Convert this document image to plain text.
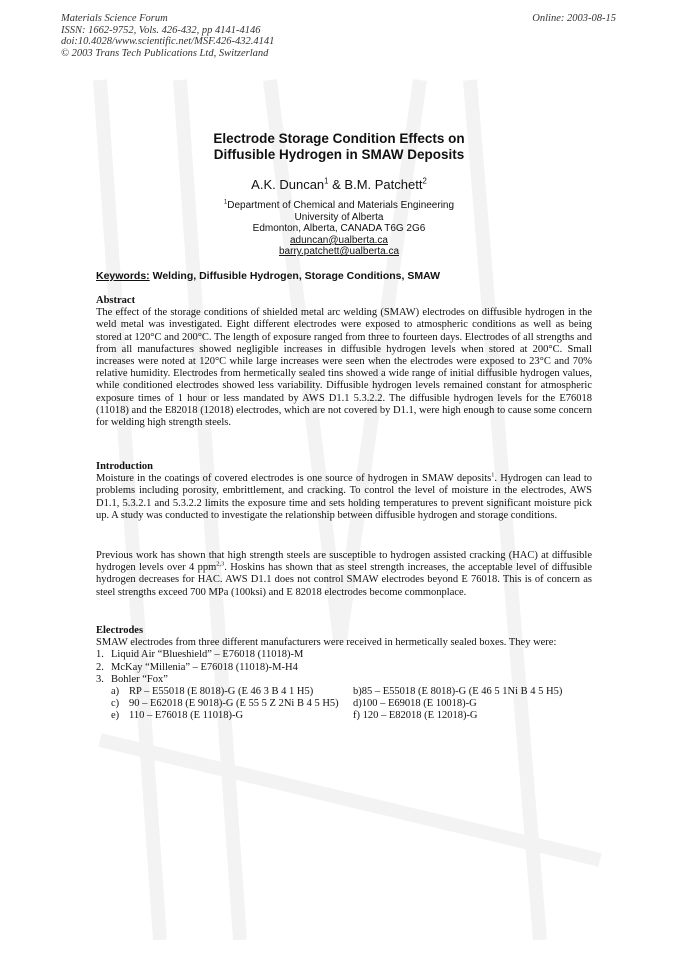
Materials Science Forum
ISSN: 1662-9752, Vols. 426-432, pp 4141-4146
doi:10.4028/www.scientific.net/MSF.426-432.4141
© 2003 Trans Tech Publications Ltd, Switzerland
Online: 2003-08-15
Electrode Storage Condition Effects on
Diffusible Hydrogen in SMAW Deposits
A.K. Duncan$^1$ & B.M. Patchett$^2$
$^1$Department of Chemical and Materials Engineering
University of Alberta
Edmonton, Alberta, CANADA T6G 2G6
aduncan@ualberta.ca
barry.patchett@ualberta.ca
Keywords: Welding, Diffusible Hydrogen, Storage Conditions, SMAW
Abstract

The effect of the storage conditions of shielded metal arc welding (SMAW) electrodes on diffusible hydrogen in the weld metal was investigated. Eight different electrodes were exposed to atmospheric conditions as well as being stored at 120°C and 200°C. The length of exposure ranged from three to fourteen days. Electrodes of all strengths and from all manufactures showed negligible increases in diffusible hydrogen levels when stored at 200°C. Small increases were noted at 120°C while large increases were seen when the electrodes were exposed to 23°C and 70% relative humidity. Electrodes from hermetically sealed tins showed a wide range of initial diffusible hydrogen values, while conditioned electrodes showed less variability. Diffusible hydrogen levels remained constant for atmospheric exposure times of 1 hour or less mandated by AWS D1.1 5.3.2.2. The diffusible hydrogen levels for the E76018 (11018) and the E82018 (12018) electrodes, which are not covered by D1.1, were high enough to cause some concern for welding high strength steels.

Introduction

Moisture in the coatings of covered electrodes is one source of hydrogen in SMAW deposits$^1$. Hydrogen can lead to problems including porosity, embrittlement, and cracking. To control the level of moisture in the electrodes, AWS D1.1, 5.3.2.1 and 5.3.2.2 limits the exposure time and sets holding temperatures to prevent significant moisture pick up. A study was conducted to investigate the relationship between diffusible hydrogen and storage conditions.

Previous work has shown that high strength steels are susceptible to hydrogen assisted cracking (HAC) at diffusible hydrogen levels over 4 ppm$^{2,3}$. Hoskins has shown that as steel strength increases, the acceptable level of diffusible hydrogen decreases for HAC. AWS D1.1 does not control SMAW electrodes beyond E 76018. This is of concern as steel strengths exceed 700 MPa (100ksi) and E 82018 electrodes become commonplace.

Electrodes

SMAW electrodes from three different manufacturers were received in hermetically sealed boxes. They were:

1. Liquid Air “Blueshield” – E76018 (11018)-M
2. McKay “Millenia” – E76018 (11018)-M-H4
3. Bohler “Fox”
a) RP – E55018 (E 8018)-G (E 46 3 B 4 1 H5)	b)85 – E55018 (E 8018)-G (E 46 5 1Ni B 4 5 H5)
c) 90 – E62018 (E 9018)-G (E 55 5 Z 2Ni B 4 5 H5)	d)100 – E69018 (E 10018)-G
e) 110 – E76018 (E 11018)-G	f) 120 – E82018 (E 12018)-G
